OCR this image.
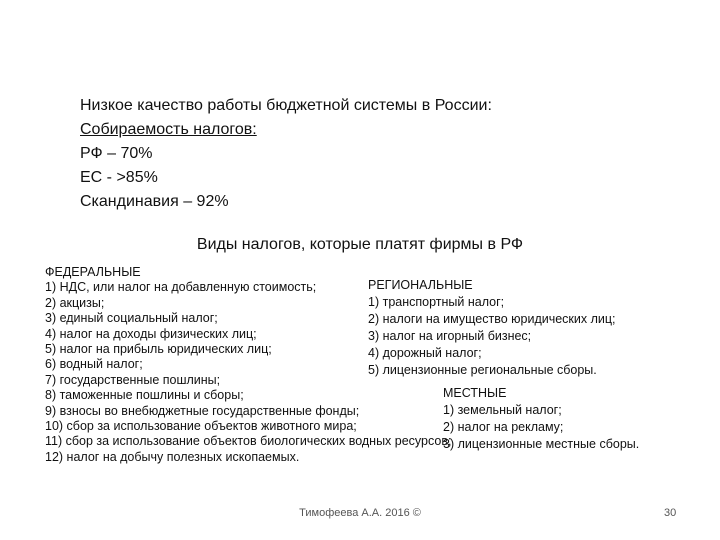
Низкое качество работы бюджетной системы в России:
Собираемость налогов:
РФ – 70%
ЕС - >85%
Скандинавия – 92%
Виды налогов, которые платят фирмы в РФ
ФЕДЕРАЛЬНЫЕ
1) НДС, или налог на добавленную стоимость;
2) акцизы;
3) единый социальный налог;
4) налог на доходы физических лиц;
5) налог на прибыль юридических лиц;
6) водный налог;
7) государственные пошлины;
8) таможенные пошлины и сборы;
9) взносы во внебюджетные государственные фонды;
10) сбор за использование объектов животного мира;
11) сбор за использование объектов биологических водных ресурсов;
12) налог на добычу полезных ископаемых.
РЕГИОНАЛЬНЫЕ
1) транспортный налог;
2) налоги на имущество юридических лиц;
3) налог на игорный бизнес;
4) дорожный налог;
5) лицензионные региональные сборы.
МЕСТНЫЕ
1) земельный налог;
2) налог на рекламу;
3) лицензионные местные сборы.
Тимофеева А.А. 2016 ©	30
